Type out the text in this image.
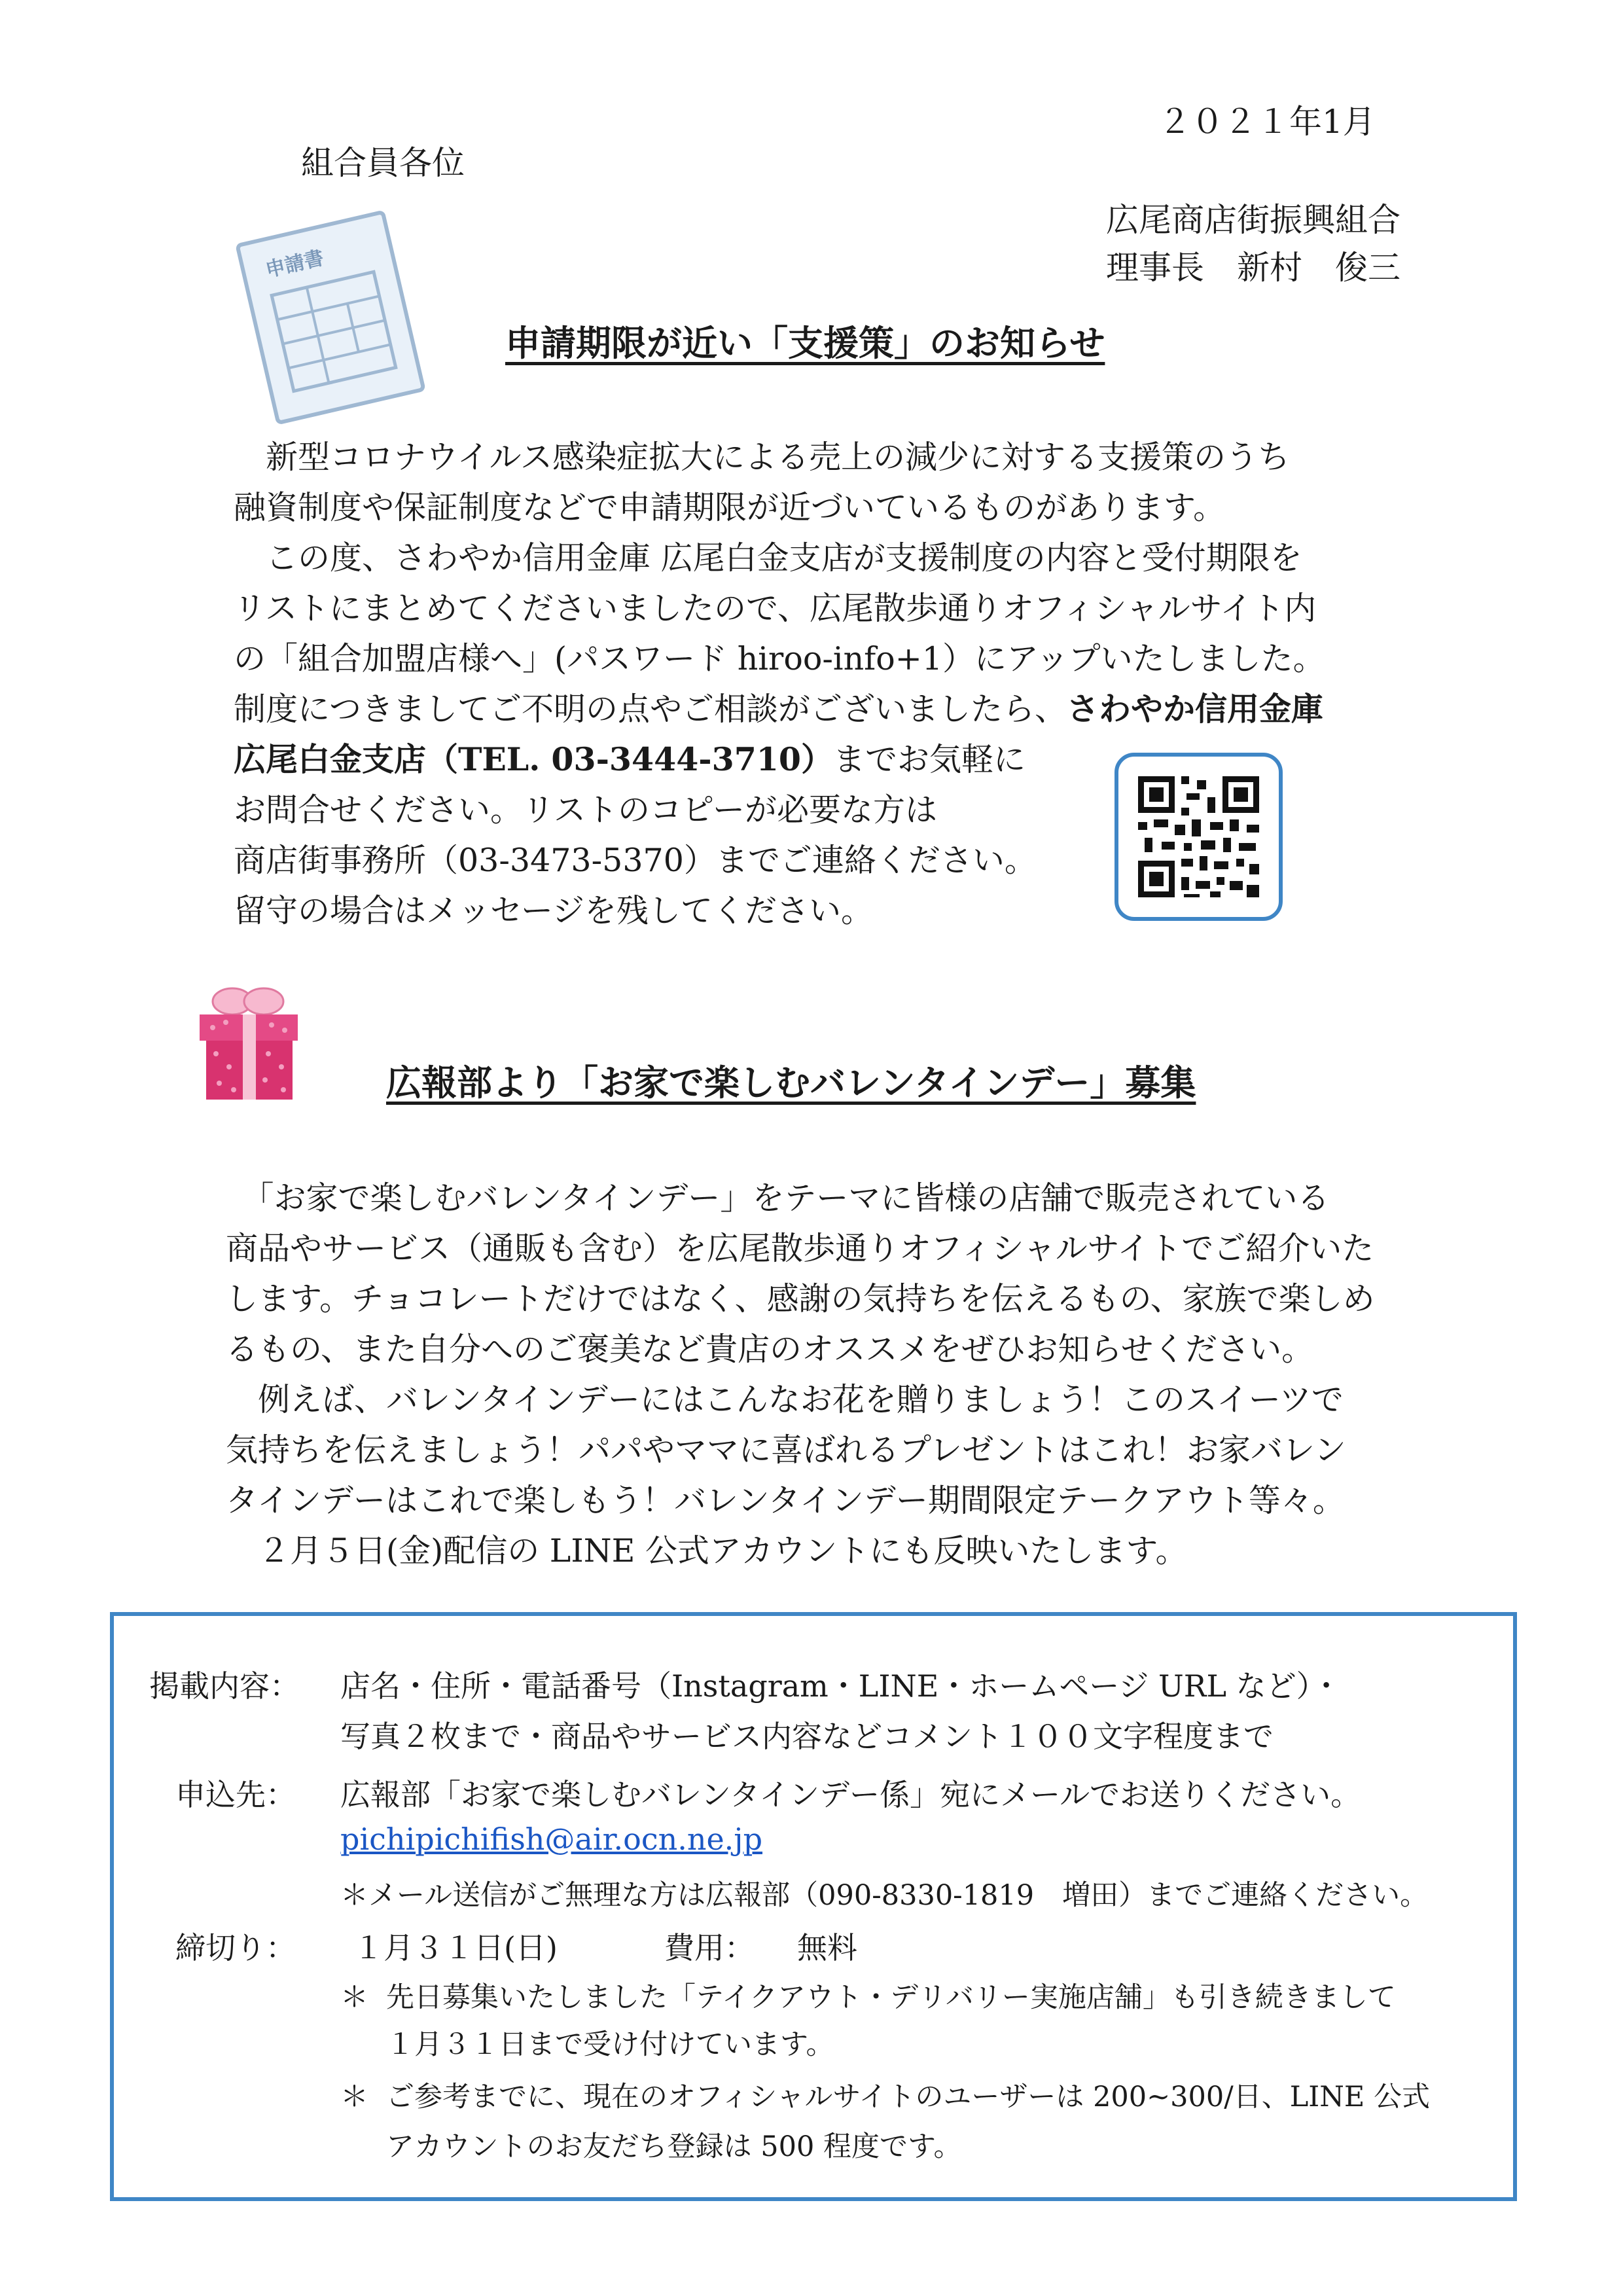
２０２１年1月
組合員各位
広尾商店街振興組合
理事長　新村　俊三
申請書
申請期限が近い「支援策」のお知らせ
　新型コロナウイルス感染症拡大による売上の減少に対する支援策のうち
融資制度や保証制度などで申請期限が近づいているものがあります。
　この度、さわやか信用金庫 広尾白金支店が支援制度の内容と受付期限を
リストにまとめてくださいましたので、広尾散歩通りオフィシャルサイト内
の「組合加盟店様へ」(パスワード hiroo-info+1）にアップいたしました。
制度につきましてご不明の点やご相談がございましたら、さわやか信用金庫
広尾白金支店（TEL. 03-3444-3710）までお気軽に
お問合せください。リストのコピーが必要な方は
商店街事務所（03-3473-5370）までご連絡ください。
留守の場合はメッセージを残してください。
広報部より「お家で楽しむバレンタインデー」募集
　「お家で楽しむバレンタインデー」をテーマに皆様の店舗で販売されている
商品やサービス（通販も含む）を広尾散歩通りオフィシャルサイトでご紹介いた
します。チョコレートだけではなく、感謝の気持ちを伝えるもの、家族で楽しめ
るもの、また自分へのご褒美など貴店のオススメをぜひお知らせください。
　例えば、バレンタインデーにはこんなお花を贈りましょう！このスイーツで
気持ちを伝えましょう！パパやママに喜ばれるプレゼントはこれ！お家バレン
タインデーはこれで楽しもう！バレンタインデー期間限定テークアウト等々。
　２月５日(金)配信の LINE 公式アカウントにも反映いたします。
掲載内容： 店名・住所・電話番号（Instagram・LINE・ホームページ URL など）・
写真２枚まで・商品やサービス内容などコメント１００文字程度まで
申込先： 広報部「お家で楽しむバレンタインデー係」宛にメールでお送りください。
pichipichifish@air.ocn.ne.jp
＊メール送信がご無理な方は広報部（090-8330-1819　増田）までご連絡ください。
締切り： １月３１日(日)	費用： 無料
＊ 先日募集いたしました「テイクアウト・デリバリー実施店舗」も引き続きまして
１月３１日まで受け付けています。
＊ ご参考までに、現在のオフィシャルサイトのユーザーは 200~300/日、LINE 公式
アカウントのお友だち登録は 500 程度です。
